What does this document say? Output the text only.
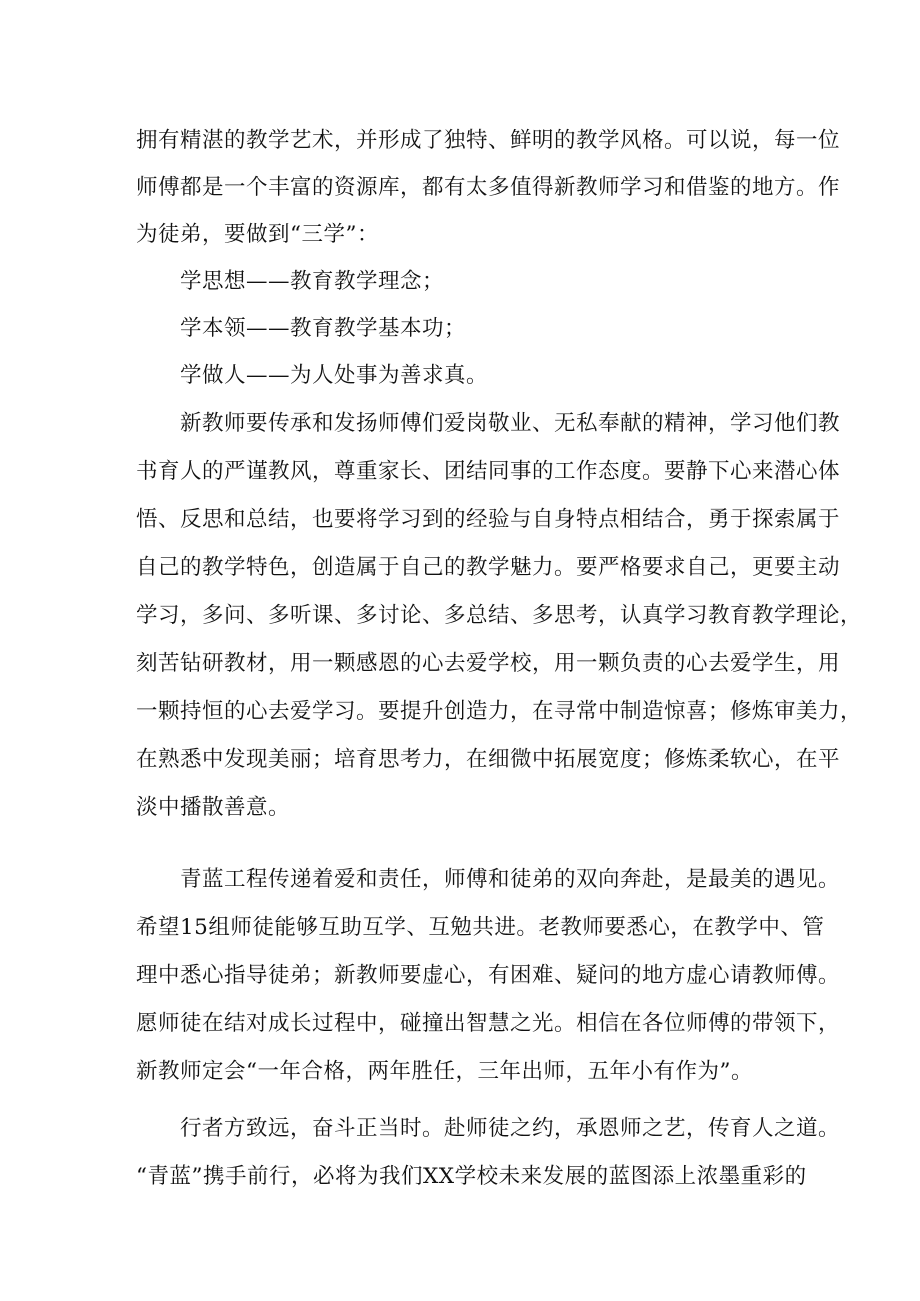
拥有精湛的教学艺术，并形成了独特、鲜明的教学风格。可以说，每一位
师傅都是一个丰富的资源库，都有太多值得新教师学习和借鉴的地方。作
为徒弟，要做到“三学”：
学思想——教育教学理念；
学本领——教育教学基本功；
学做人——为人处事为善求真。
新教师要传承和发扬师傅们爱岗敬业、无私奉献的精神，学习他们教
书育人的严谨教风，尊重家长、团结同事的工作态度。要静下心来潜心体
悟、反思和总结，也要将学习到的经验与自身特点相结合，勇于探索属于
自己的教学特色，创造属于自己的教学魅力。要严格要求自己，更要主动
学习，多问、多听课、多讨论、多总结、多思考，认真学习教育教学理论，
刻苦钻研教材，用一颗感恩的心去爱学校，用一颗负责的心去爱学生，用
一颗持恒的心去爱学习。要提升创造力，在寻常中制造惊喜；修炼审美力，
在熟悉中发现美丽；培育思考力，在细微中拓展宽度；修炼柔软心，在平
淡中播散善意。
青蓝工程传递着爱和责任，师傅和徒弟的双向奔赴，是最美的遇见。
希望15组师徒能够互助互学、互勉共进。老教师要悉心，在教学中、管
理中悉心指导徒弟；新教师要虚心，有困难、疑问的地方虚心请教师傅。
愿师徒在结对成长过程中，碰撞出智慧之光。相信在各位师傅的带领下，
新教师定会“一年合格，两年胜任，三年出师，五年小有作为”。
行者方致远，奋斗正当时。赴师徒之约，承恩师之艺，传育人之道。
“青蓝”携手前行，必将为我们XX学校未来发展的蓝图添上浓墨重彩的
